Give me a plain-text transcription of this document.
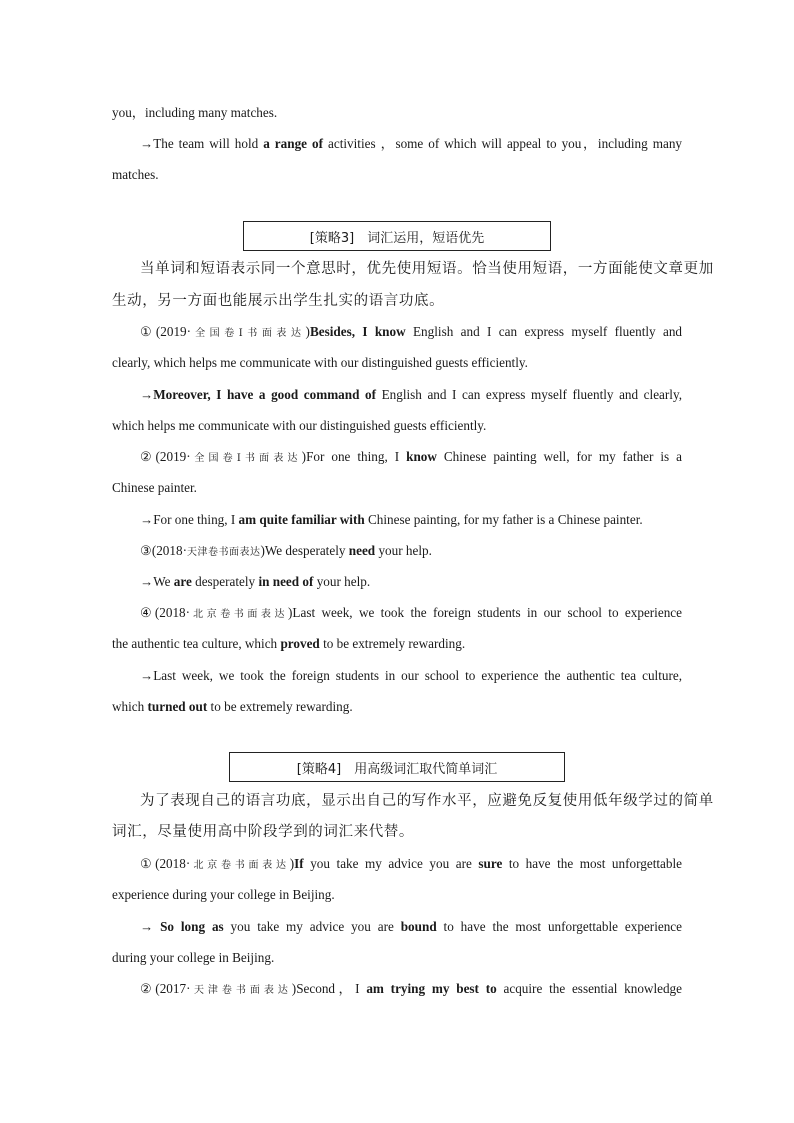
you，including many matches.
→The team will hold a range of activities ，some of which will appeal to you，including many
matches.
[策略3]　词汇运用，短语优先
当单词和短语表示同一个意思时，优先使用短语。恰当使用短语，一方面能使文章更加
生动，另一方面也能展示出学生扎实的语言功底。
①(2019·全国卷Ⅰ书面表达)Besides, I know English and I can express myself fluently and
clearly, which helps me communicate with our distinguished guests efficiently.
→Moreover, I have a good command of English and I can express myself fluently and clearly,
which helps me communicate with our distinguished guests efficiently.
②(2019·全国卷Ⅰ书面表达)For one thing, I know Chinese painting well, for my father is a
Chinese painter.
→For one thing, I am quite familiar with Chinese painting, for my father is a Chinese painter.
③(2018·天津卷书面表达)We desperately need your help.
→We are desperately in need of your help.
④(2018·北京卷书面表达)Last week, we took the foreign students in our school to experience
the authentic tea culture, which proved to be extremely rewarding.
→Last week, we took the foreign students in our school to experience the authentic tea culture,
which turned out to be extremely rewarding.
[策略4]　用高级词汇取代简单词汇
为了表现自己的语言功底，显示出自己的写作水平，应避免反复使用低年级学过的简单
词汇，尽量使用高中阶段学到的词汇来代替。
①(2018·北京卷书面表达)If you take my advice you are sure to have the most unforgettable
experience during your college in Beijing.
→ So long as you take my advice you are bound to have the most unforgettable experience
during your college in Beijing.
②(2017·天津卷书面表达)Second，I am trying my best to acquire the essential knowledge
